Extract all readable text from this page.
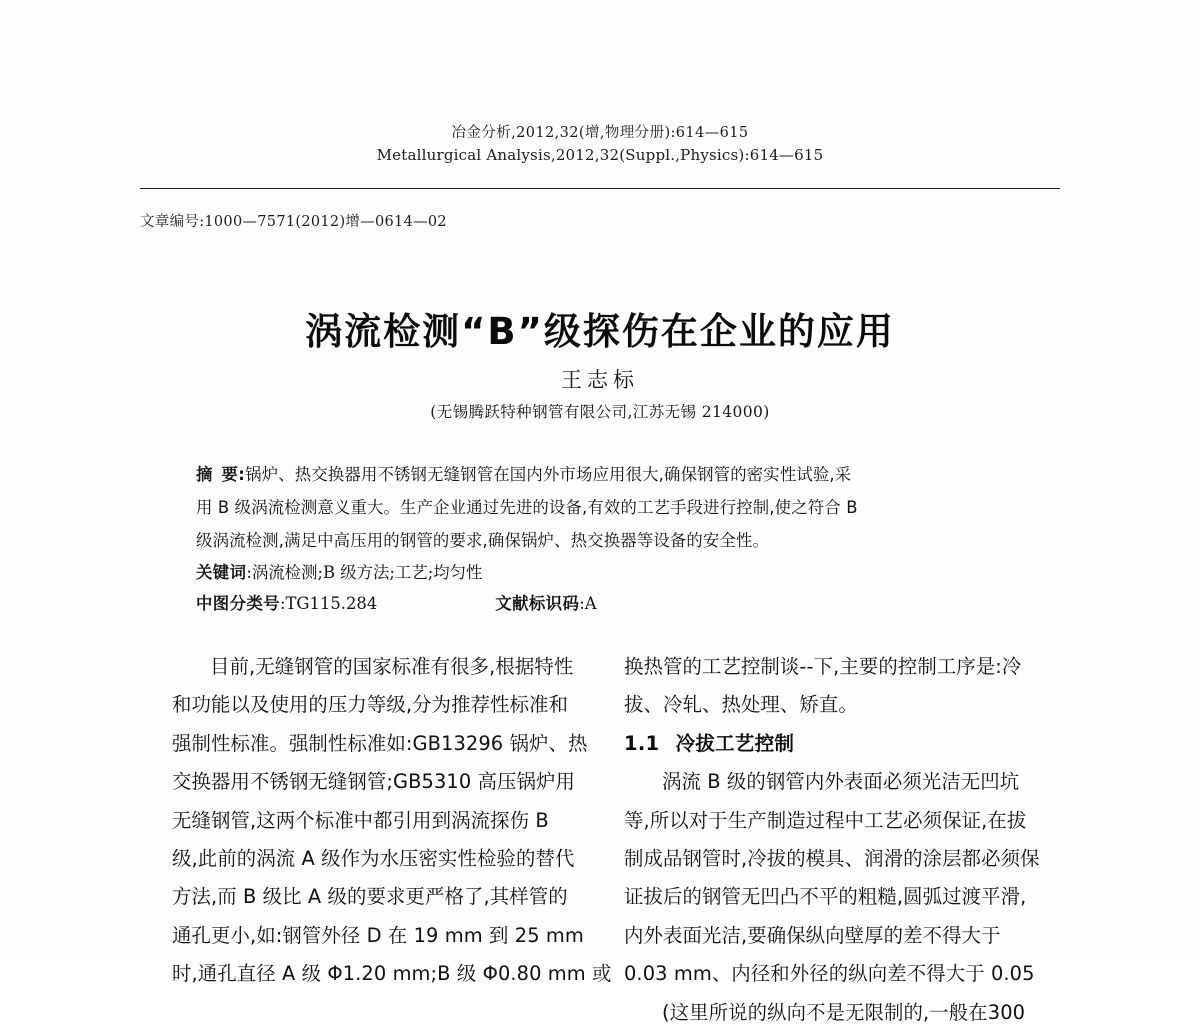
冶金分析,2012,32(增,物理分册):614—615
Metallurgical Analysis,2012,32(Suppl.,Physics):614—615
文章编号:1000—7571(2012)增—0614—02
涡流检测“B”级探伤在企业的应用
王志标
(无锡腾跃特种钢管有限公司,江苏无锡 214000)
摘要:锅炉、热交换器用不锈钢无缝钢管在国内外市场应用很大,确保钢管的密实性试验,采
用 B 级涡流检测意义重大。生产企业通过先进的设备,有效的工艺手段进行控制,使之符合 B
级涡流检测,满足中高压用的钢管的要求,确保锅炉、热交换器等设备的安全性。
关键词:涡流检测;B 级方法;工艺;均匀性
中图分类号:TG115.284	文献标识码:A
目前,无缝钢管的国家标准有很多,根据特性
和功能以及使用的压力等级,分为推荐性标准和
强制性标准。强制性标准如:GB13296 锅炉、热
交换器用不锈钢无缝钢管;GB5310 高压锅炉用
无缝钢管,这两个标准中都引用到涡流探伤 B
级,此前的涡流 A 级作为水压密实性检验的替代
方法,而 B 级比 A 级的要求更严格了,其样管的
通孔更小,如:钢管外径 D 在 19 mm 到 25 mm
时,通孔直径 A 级 Φ1.20 mm;B 级 Φ0.80 mm 或
换热管的工艺控制谈--下,主要的控制工序是:冷
拔、冷轧、热处理、矫直。
1.1 冷拔工艺控制
涡流 B 级的钢管内外表面必须光洁无凹坑
等,所以对于生产制造过程中工艺必须保证,在拔
制成品钢管时,冷拔的模具、润滑的涂层都必须保
证拔后的钢管无凹凸不平的粗糙,圆弧过渡平滑,
内外表面光洁,要确保纵向壁厚的差不得大于
0.03 mm、内径和外径的纵向差不得大于 0.05
(这里所说的纵向不是无限制的,一般在300
